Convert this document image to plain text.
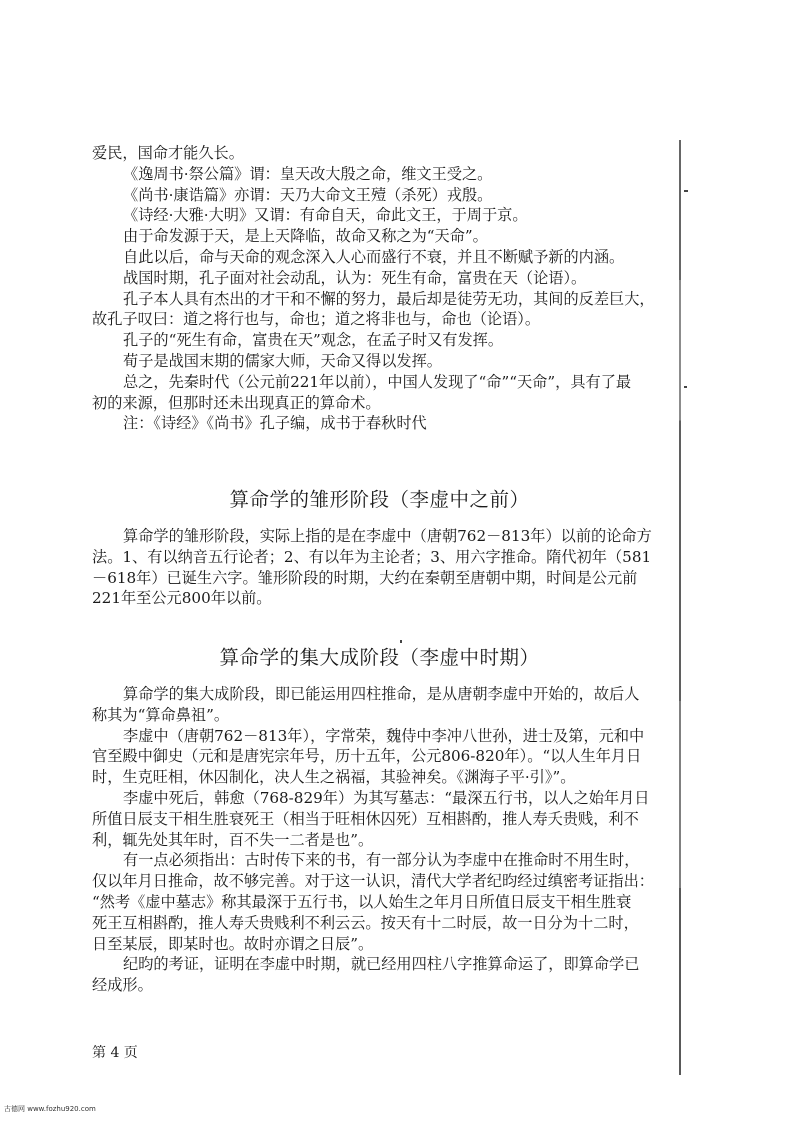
爱民，国命才能久长。
《逸周书·祭公篇》谓：皇天改大殷之命，维文王受之。
《尚书·康诰篇》亦谓：天乃大命文王殪（杀死）戎殷。
《诗经·大雅·大明》又谓：有命自天，命此文王，于周于京。
由于命发源于天，是上天降临，故命又称之为“天命”。
自此以后，命与天命的观念深入人心而盛行不衰，并且不断赋予新的内涵。
战国时期，孔子面对社会动乱，认为：死生有命，富贵在天（论语）。
孔子本人具有杰出的才干和不懈的努力，最后却是徒劳无功，其间的反差巨大，
故孔子叹曰：道之将行也与，命也；道之将非也与，命也（论语）。
孔子的“死生有命，富贵在天”观念，在孟子时又有发挥。
荀子是战国末期的儒家大师，天命又得以发挥。
总之，先秦时代（公元前221年以前），中国人发现了“命”“天命”，具有了最
初的来源，但那时还未出现真正的算命术。
注：《诗经》《尚书》孔子编，成书于春秋时代
算命学的雏形阶段（李虚中之前）
算命学的雏形阶段，实际上指的是在李虚中（唐朝762－813年）以前的论命方
法。1、有以纳音五行论者；2、有以年为主论者；3、用六字推命。隋代初年（581
－618年）已诞生六字。雏形阶段的时期，大约在秦朝至唐朝中期，时间是公元前
221年至公元800年以前。
算命学的集大成阶段（李虚中时期）
算命学的集大成阶段，即已能运用四柱推命，是从唐朝李虚中开始的，故后人
称其为“算命鼻祖”。
李虚中（唐朝762－813年），字常荣，魏侍中李冲八世孙，进士及第，元和中
官至殿中御史（元和是唐宪宗年号，历十五年，公元806-820年）。“以人生年月日
时，生克旺相，休囚制化，决人生之祸福，其验神矣。《渊海子平·引》”。
李虚中死后，韩愈（768-829年）为其写墓志：“最深五行书，以人之始年月日
所值日辰支干相生胜衰死王（相当于旺相休囚死）互相斟酌，推人寿夭贵贱，利不
利，辄先处其年时，百不失一二者是也”。
有一点必须指出：古时传下来的书，有一部分认为李虚中在推命时不用生时，
仅以年月日推命，故不够完善。对于这一认识，清代大学者纪昀经过缜密考证指出：
“然考《虚中墓志》称其最深于五行书，以人始生之年月日所值日辰支干相生胜衰
死王互相斟酌，推人寿夭贵贱利不利云云。按天有十二时辰，故一日分为十二时，
日至某辰，即某时也。故时亦谓之日辰”。
纪昀的考证，证明在李虚中时期，就已经用四柱八字推算命运了，即算命学已
经成形。
第 4 页
古德网 www.fozhu920.com
